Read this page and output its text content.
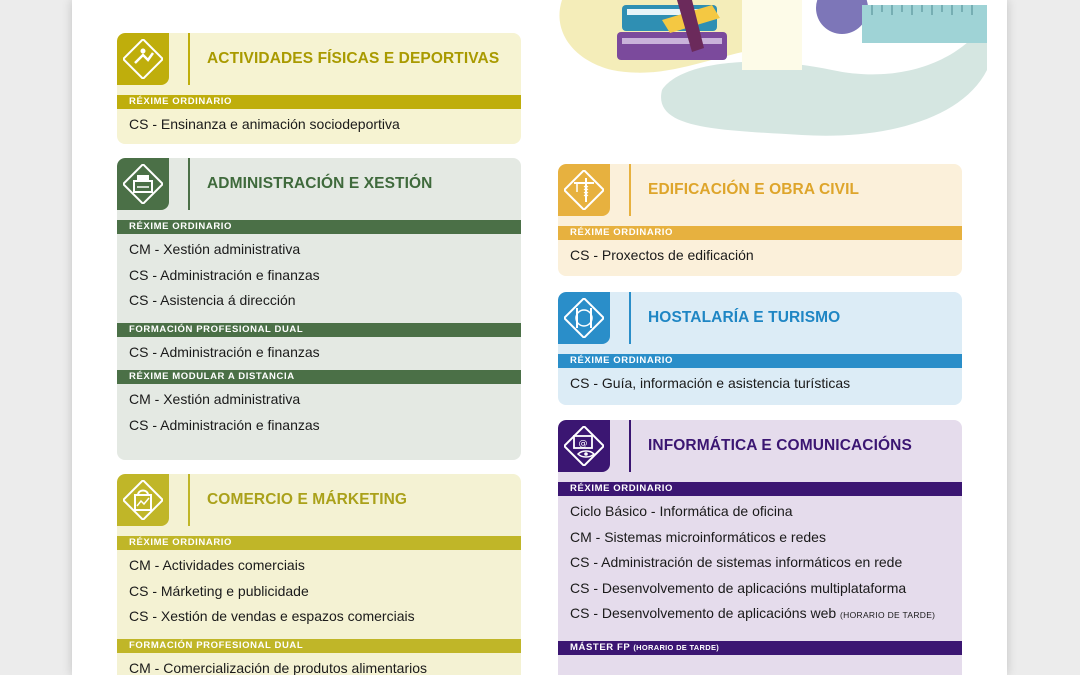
ACTIVIDADES FÍSICAS E DEPORTIVAS
RÉXIME ORDINARIO
CS - Ensinanza e animación sociodeportiva
ADMINISTRACIÓN E XESTIÓN
RÉXIME ORDINARIO
CM - Xestión administrativa
CS - Administración e finanzas
CS - Asistencia á dirección
FORMACIÓN PROFESIONAL DUAL
CS - Administración e finanzas
RÉXIME MODULAR A DISTANCIA
CM - Xestión administrativa
CS - Administración e finanzas
COMERCIO E MÁRKETING
RÉXIME ORDINARIO
CM - Actividades comerciais
CS - Márketing e publicidade
CS - Xestión de vendas e espazos comerciais
FORMACIÓN PROFESIONAL DUAL
CM - Comercialización de produtos alimentarios
EDIFICACIÓN E OBRA CIVIL
RÉXIME ORDINARIO
CS - Proxectos de edificación
HOSTALARÍA E TURISMO
RÉXIME ORDINARIO
CS - Guía, información e asistencia turísticas
@	INFORMÁTICA E COMUNICACIÓNS
RÉXIME ORDINARIO
Ciclo Básico - Informática de oficina
CM - Sistemas microinformáticos e redes
CS - Administración de sistemas informáticos en rede
CS - Desenvolvemento de aplicacións multiplataforma
CS - Desenvolvemento de aplicacións web (HORARIO DE TARDE)
MÁSTER FP (HORARIO DE TARDE)
